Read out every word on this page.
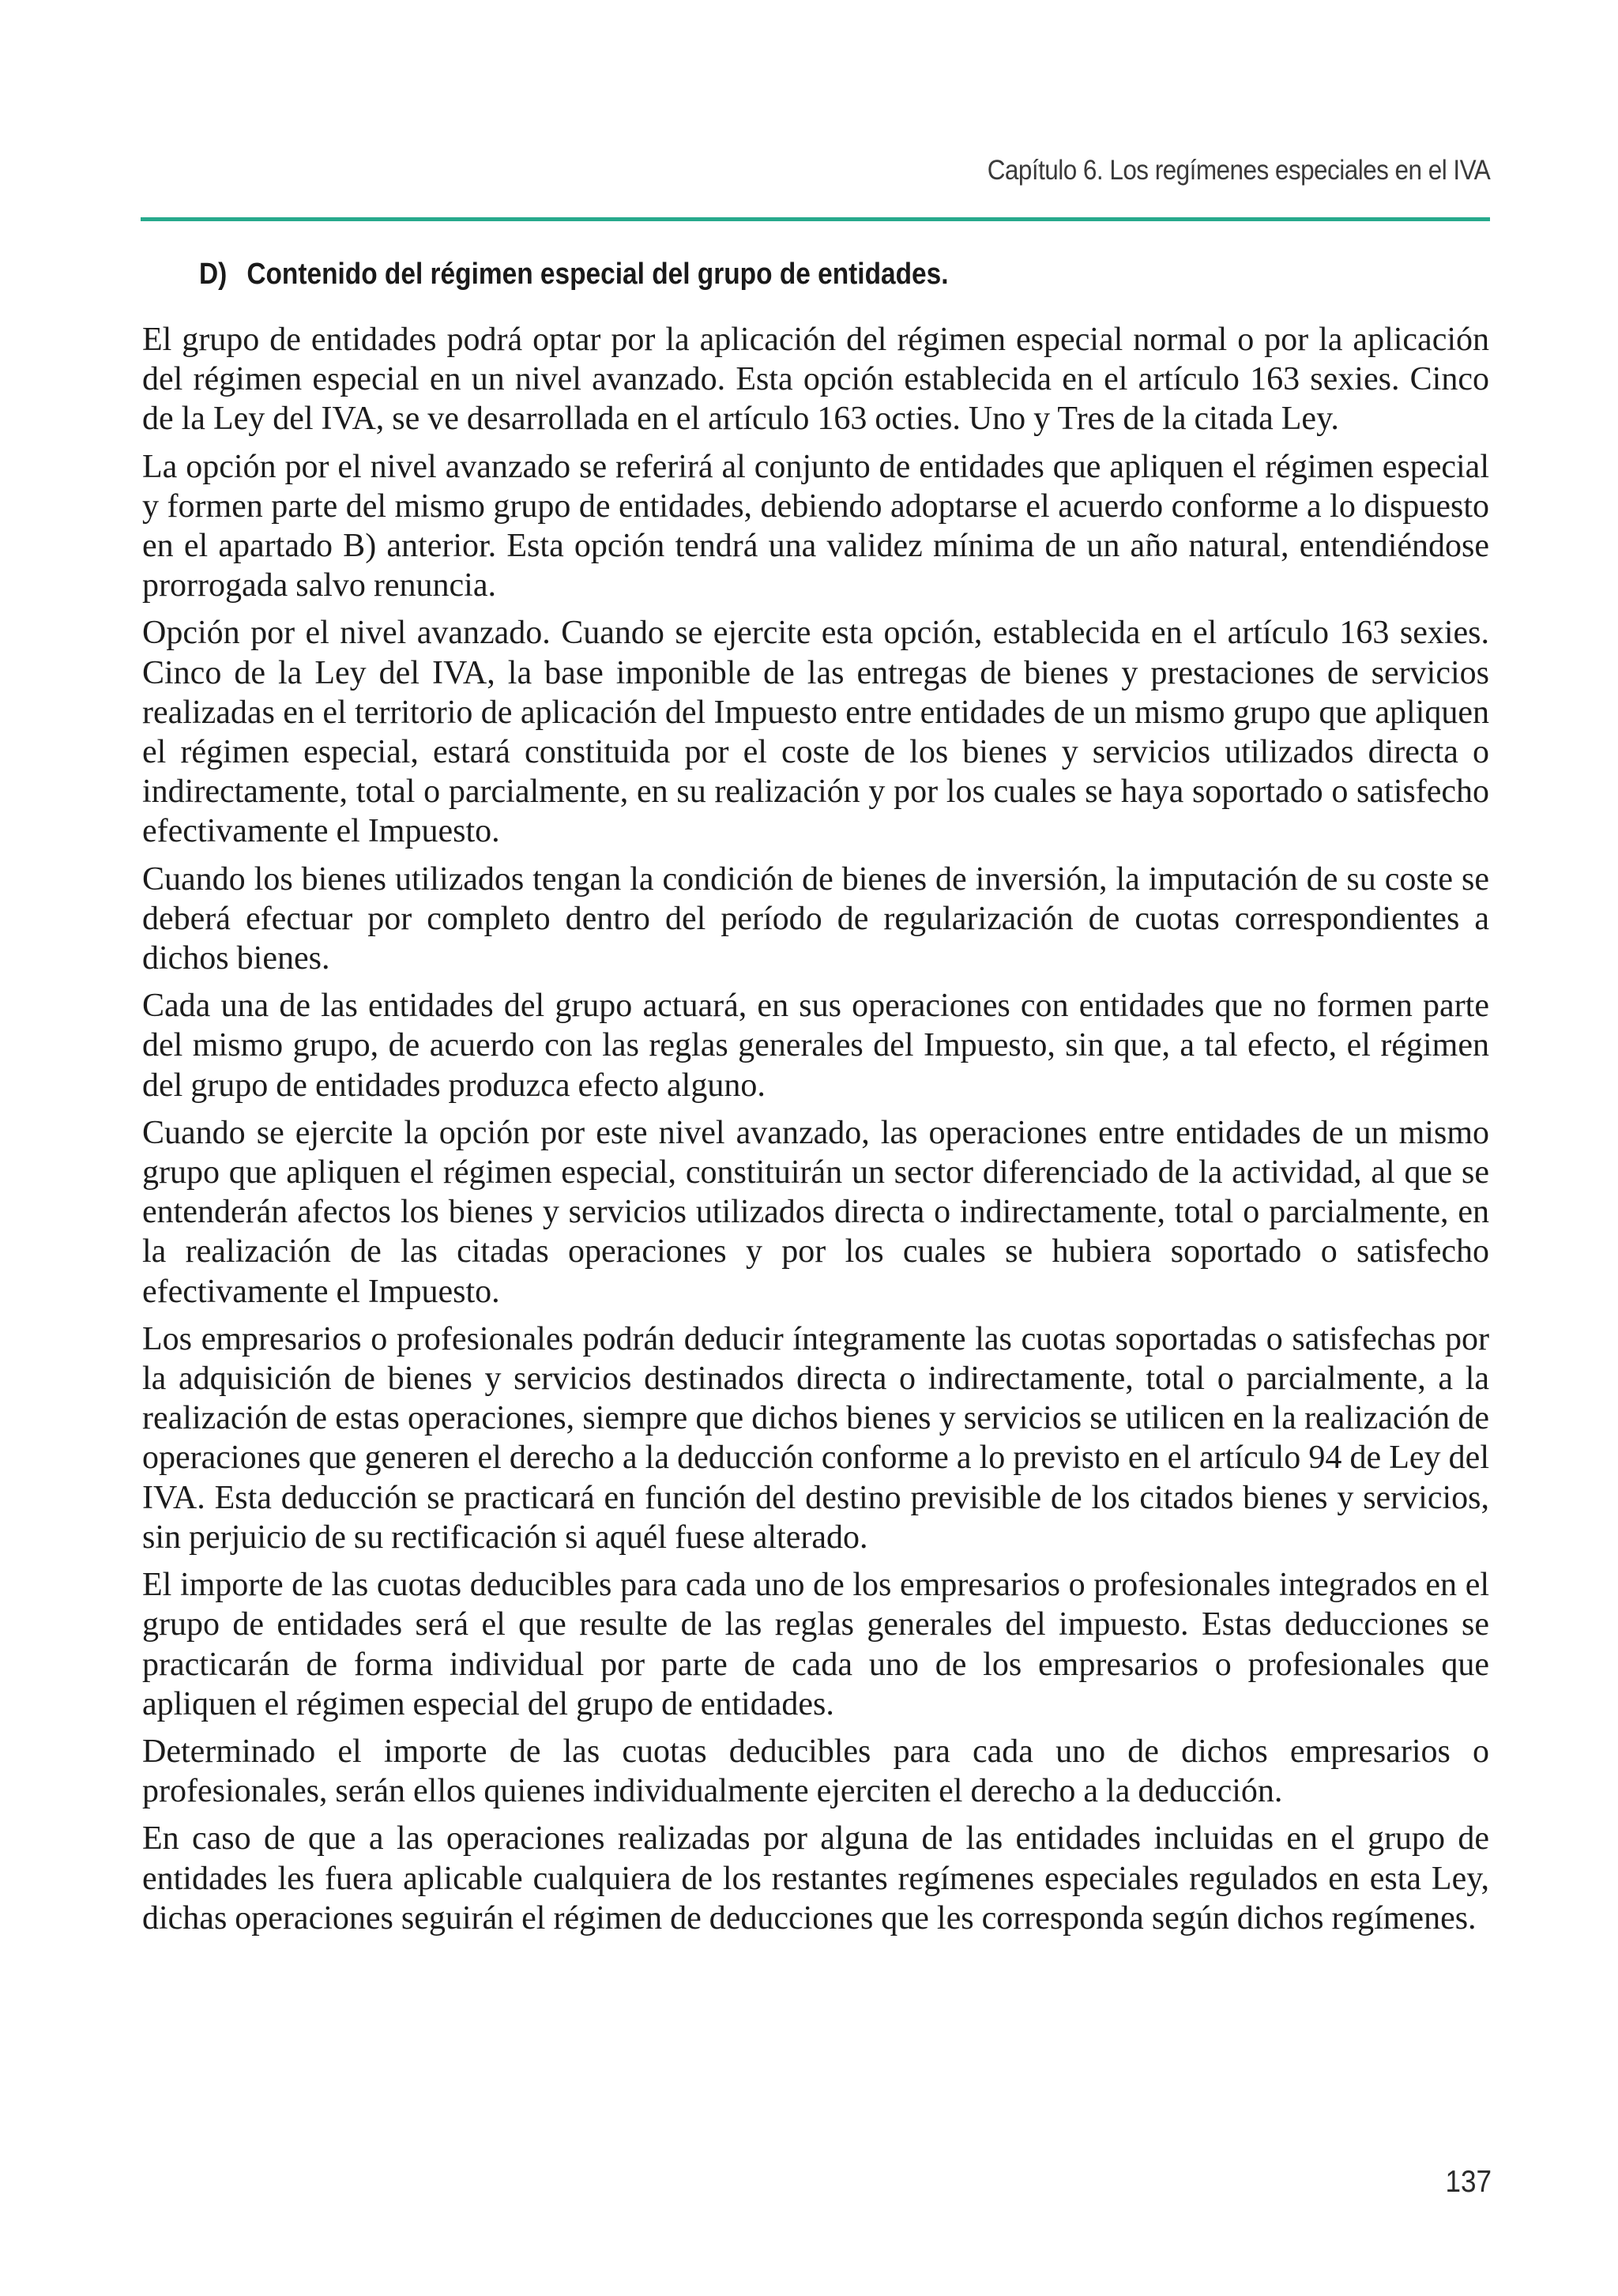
Capítulo 6. Los regímenes especiales en el IVA
D) Contenido del régimen especial del grupo de entidades.

El grupo de entidades podrá optar por la aplicación del régimen especial normal o por la aplicación del régimen especial en un nivel avanzado. Esta opción establecida en el artículo 163 sexies. Cinco de la Ley del IVA, se ve desarrollada en el artículo 163 octies. Uno y Tres de la citada Ley.

La opción por el nivel avanzado se referirá al conjunto de entidades que apliquen el régimen especial y formen parte del mismo grupo de entidades, debiendo adoptarse el acuerdo conforme a lo dispuesto en el apartado B) anterior. Esta opción tendrá una validez mínima de un año natural, entendiéndose prorrogada salvo renuncia.

Opción por el nivel avanzado. Cuando se ejercite esta opción, establecida en el artículo 163 sexies. Cinco de la Ley del IVA, la base imponible de las entregas de bienes y prestaciones de servicios realizadas en el territorio de aplicación del Impuesto entre entidades de un mismo grupo que apliquen el régimen especial, estará constituida por el coste de los bienes y servicios utilizados directa o indirectamente, total o parcialmente, en su realización y por los cuales se haya soportado o satisfecho efectivamente el Impuesto.

Cuando los bienes utilizados tengan la condición de bienes de inversión, la imputación de su coste se deberá efectuar por completo dentro del período de regularización de cuotas correspondientes a dichos bienes.

Cada una de las entidades del grupo actuará, en sus operaciones con entidades que no formen parte del mismo grupo, de acuerdo con las reglas generales del Impuesto, sin que, a tal efecto, el régimen del grupo de entidades produzca efecto alguno.

Cuando se ejercite la opción por este nivel avanzado, las operaciones entre entidades de un mismo grupo que apliquen el régimen especial, constituirán un sector diferenciado de la actividad, al que se entenderán afectos los bienes y servicios utilizados directa o indirectamente, total o parcialmente, en la realización de las citadas operaciones y por los cuales se hubiera soportado o satisfecho efectivamente el Impuesto.

Los empresarios o profesionales podrán deducir íntegramente las cuotas soportadas o satisfechas por la adquisición de bienes y servicios destinados directa o indirectamente, total o parcialmente, a la realización de estas operaciones, siempre que dichos bienes y servicios se utilicen en la realización de operaciones que generen el derecho a la deducción conforme a lo previsto en el artículo 94 de Ley del IVA. Esta deducción se practicará en función del destino previsible de los citados bienes y servicios, sin perjuicio de su rectificación si aquél fuese alterado.

El importe de las cuotas deducibles para cada uno de los empresarios o profesionales integrados en el grupo de entidades será el que resulte de las reglas generales del impuesto. Estas deducciones se practicarán de forma individual por parte de cada uno de los empresarios o profesionales que apliquen el régimen especial del grupo de entidades.

Determinado el importe de las cuotas deducibles para cada uno de dichos empresarios o profesionales, serán ellos quienes individualmente ejerciten el derecho a la deducción.

En caso de que a las operaciones realizadas por alguna de las entidades incluidas en el grupo de entidades les fuera aplicable cualquiera de los restantes regímenes especiales regulados en esta Ley, dichas operaciones seguirán el régimen de deducciones que les corresponda según dichos regímenes.

137
